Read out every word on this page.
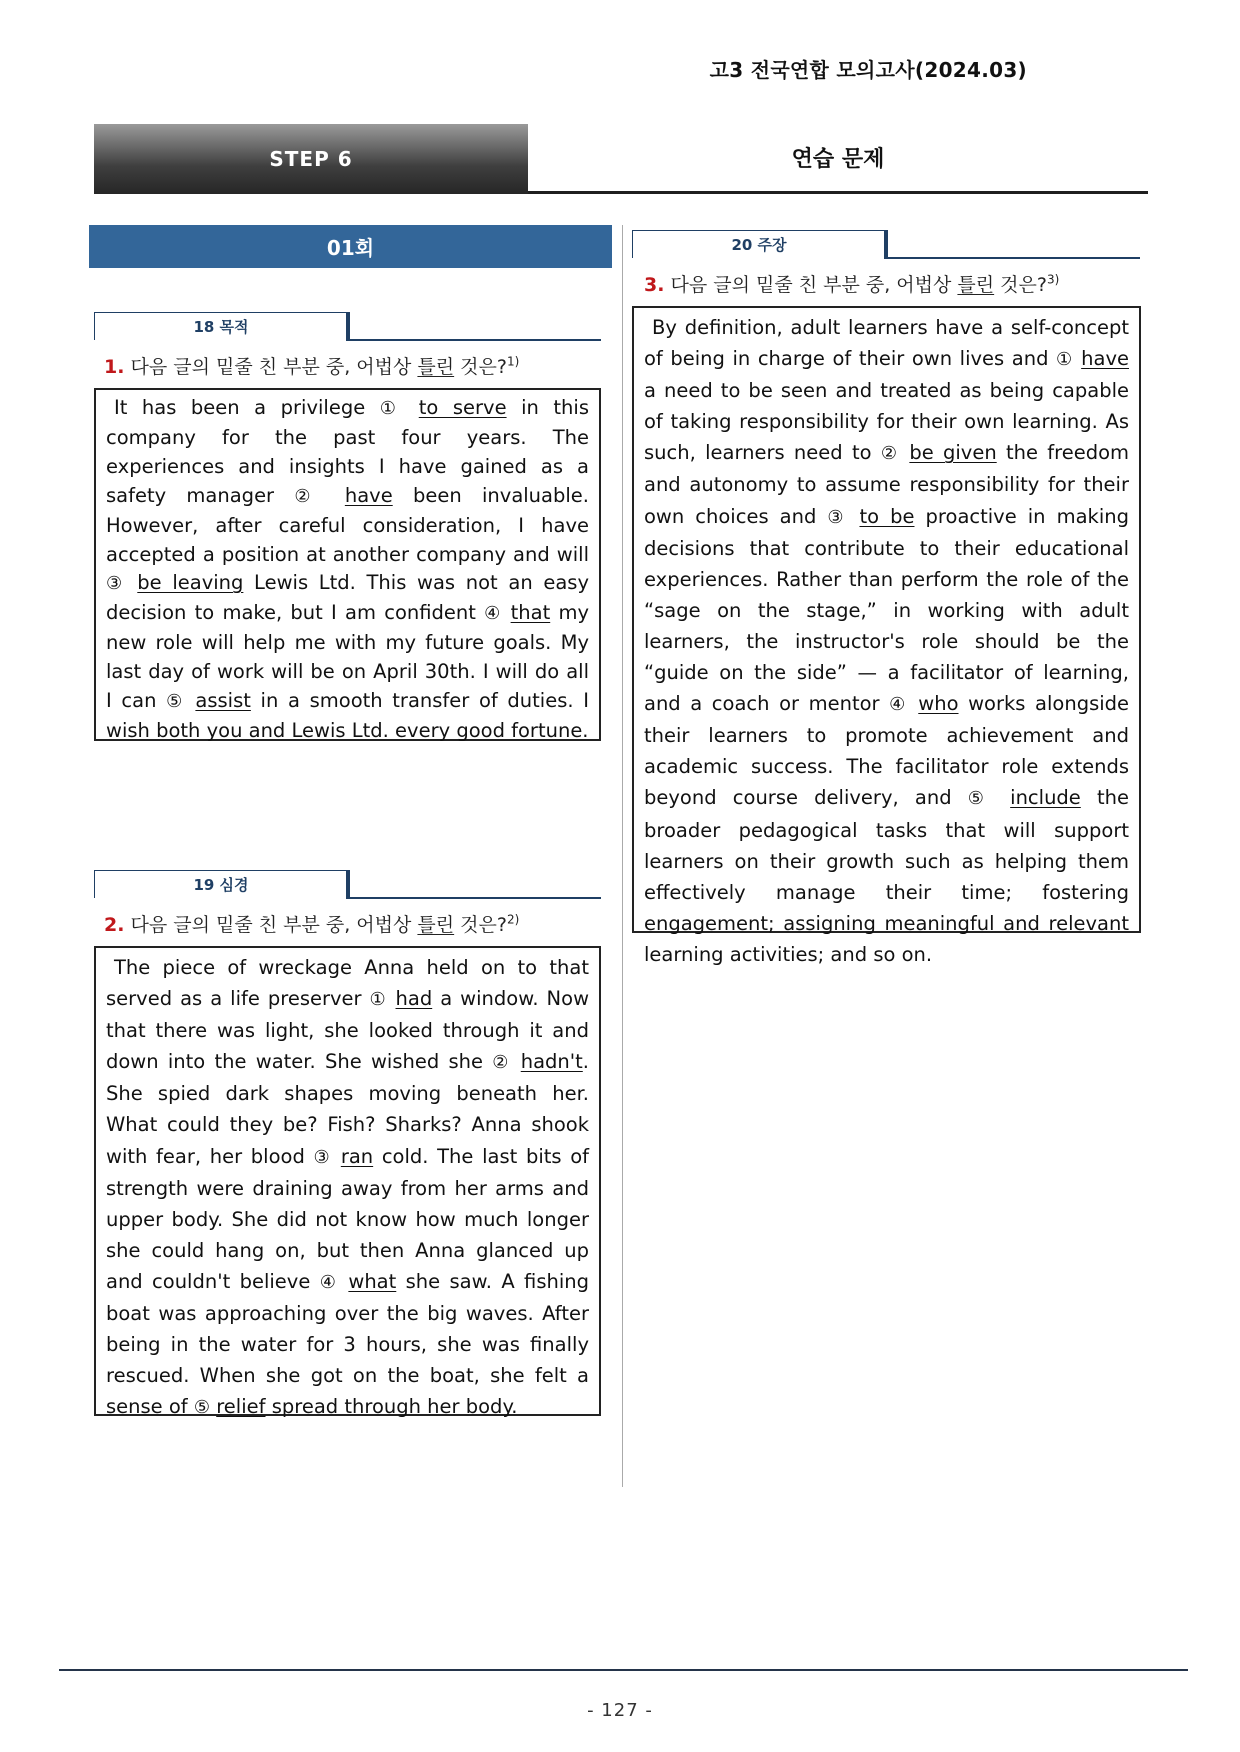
고3 전국연합 모의고사(2024.03)
STEP 6	연습 문제
01회
18 목적
1. 다음 글의 밑줄 친 부분 중, 어법상 틀린 것은?$^{1)}$
It has been a privilege ① to serve in this company for the past four years. The experiences and insights I have gained as a safety manager ② have been invaluable. However, after careful consideration, I have accepted a position at another company and will ③ be leaving Lewis Ltd. This was not an easy decision to make, but I am confident ④ that my new role will help me with my future goals. My last day of work will be on April 30th. I will do all I can ⑤ assist in a smooth transfer of duties. I wish both you and Lewis Ltd. every good fortune.
19 심경
2. 다음 글의 밑줄 친 부분 중, 어법상 틀린 것은?$^{2)}$
The piece of wreckage Anna held on to that served as a life preserver ① had a window. Now that there was light, she looked through it and down into the water. She wished she ② hadn't. She spied dark shapes moving beneath her. What could they be? Fish? Sharks? Anna shook with fear, her blood ③ ran cold. The last bits of strength were draining away from her arms and upper body. She did not know how much longer she could hang on, but then Anna glanced up and couldn't believe ④ what she saw. A fishing boat was approaching over the big waves. After being in the water for 3 hours, she was finally rescued. When she got on the boat, she felt a sense of ⑤ relief spread through her body.
20 주장
3. 다음 글의 밑줄 친 부분 중, 어법상 틀린 것은?$^{3)}$
By definition, adult learners have a self-concept of being in charge of their own lives and ① have a need to be seen and treated as being capable of taking responsibility for their own learning. As such, learners need to ② be given the freedom and autonomy to assume responsibility for their own choices and ③ to be proactive in making decisions that contribute to their educational experiences. Rather than perform the role of the “sage on the stage,” in working with adult learners, the instructor's role should be the “guide on the side” — a facilitator of learning, and a coach or mentor ④ who works alongside their learners to promote achievement and academic success. The facilitator role extends beyond course delivery, and ⑤ include the broader pedagogical tasks that will support learners on their growth such as helping them effectively manage their time; fostering engagement; assigning meaningful and relevant learning activities; and so on.
- 127 -
